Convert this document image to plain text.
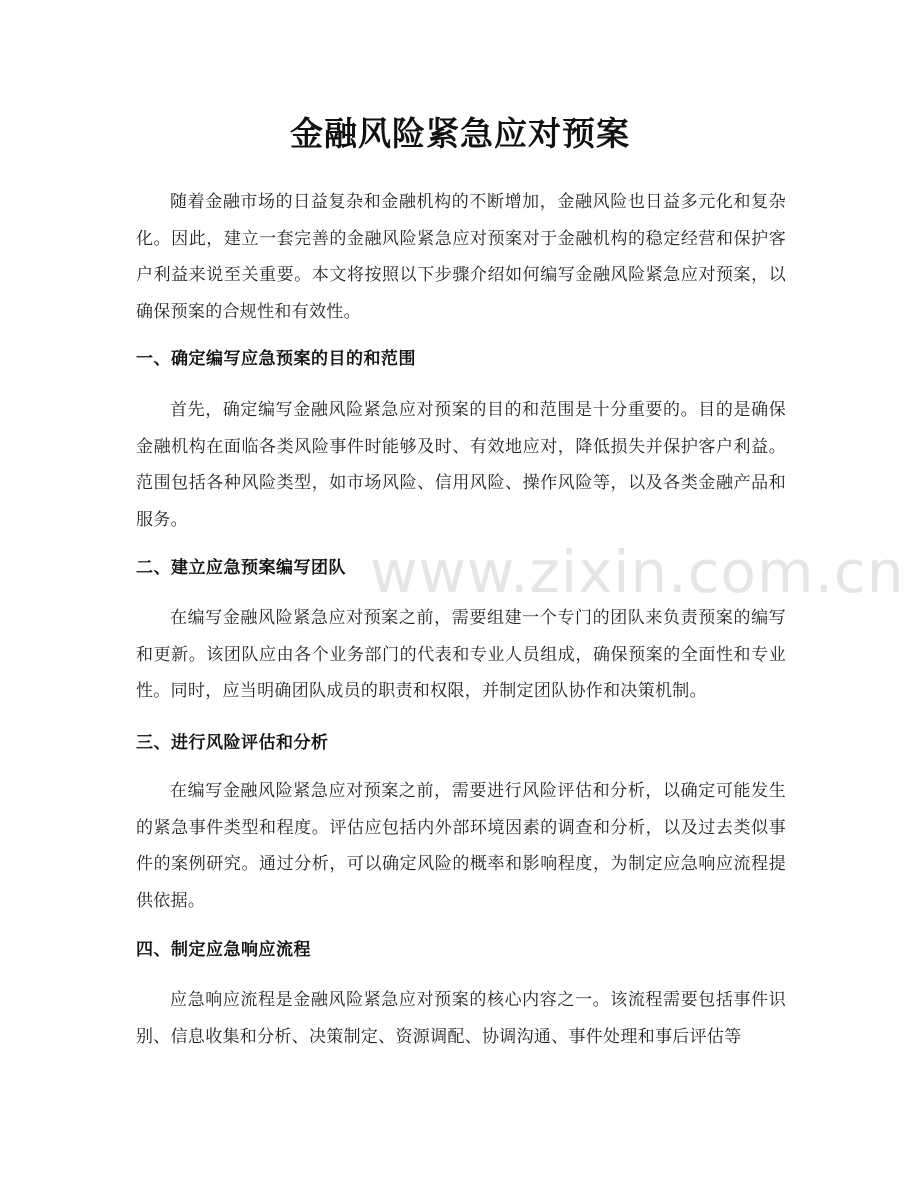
金融风险紧急应对预案

随着金融市场的日益复杂和金融机构的不断增加，金融风险也日益多元化和复杂化。因此，建立一套完善的金融风险紧急应对预案对于金融机构的稳定经营和保护客户利益来说至关重要。本文将按照以下步骤介绍如何编写金融风险紧急应对预案，以确保预案的合规性和有效性。

一、确定编写应急预案的目的和范围

首先，确定编写金融风险紧急应对预案的目的和范围是十分重要的。目的是确保金融机构在面临各类风险事件时能够及时、有效地应对，降低损失并保护客户利益。范围包括各种风险类型，如市场风险、信用风险、操作风险等，以及各类金融产品和服务。

二、建立应急预案编写团队

在编写金融风险紧急应对预案之前，需要组建一个专门的团队来负责预案的编写和更新。该团队应由各个业务部门的代表和专业人员组成，确保预案的全面性和专业性。同时，应当明确团队成员的职责和权限，并制定团队协作和决策机制。

三、进行风险评估和分析

在编写金融风险紧急应对预案之前，需要进行风险评估和分析，以确定可能发生的紧急事件类型和程度。评估应包括内外部环境因素的调查和分析，以及过去类似事件的案例研究。通过分析，可以确定风险的概率和影响程度，为制定应急响应流程提供依据。

四、制定应急响应流程

应急响应流程是金融风险紧急应对预案的核心内容之一。该流程需要包括事件识别、信息收集和分析、决策制定、资源调配、协调沟通、事件处理和事后评估等

www.zixin.com.cn
